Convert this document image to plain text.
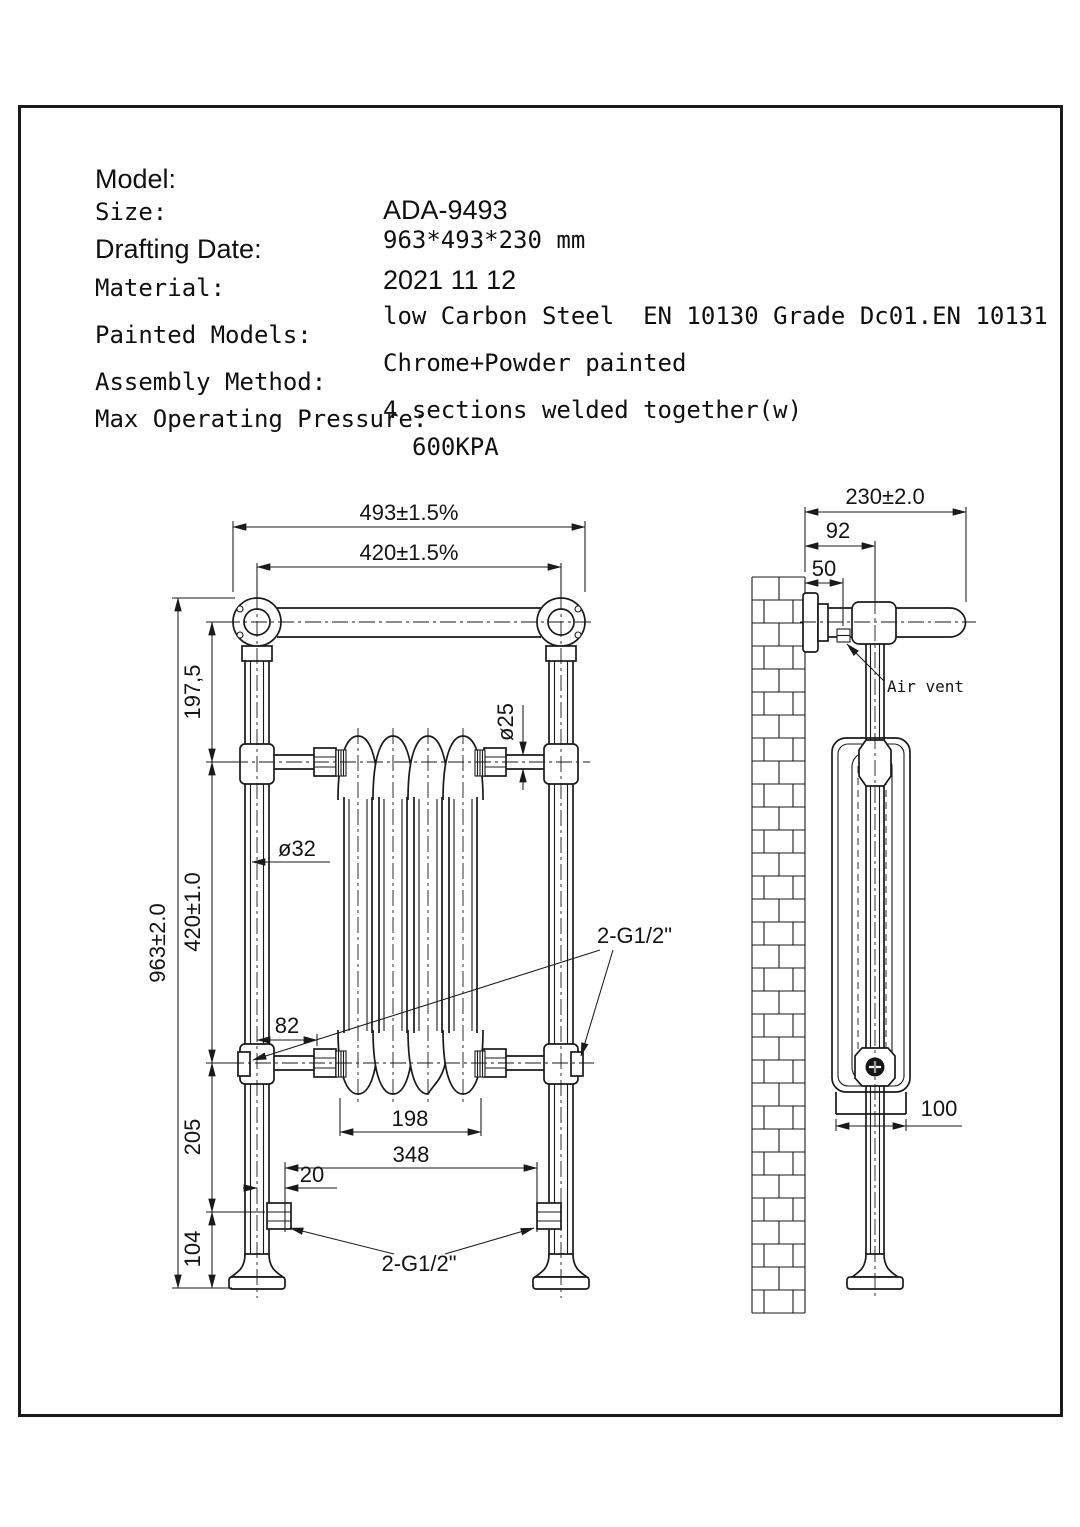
Model:

ADA-9493

Size:

963*493*230 mm

Drafting Date:

2021 11 12

Material:

low Carbon Steel  EN 10130 Grade Dc01.EN 10131

Painted Models:

Chrome+Powder painted

Assembly Method:

4 sections welded together(w)

Max Operating Pressure:

600KPA

493±1.5%
420±1.5%
963±2.0
197,5
420±1.0
205
104
ø32
ø25
82
198
348
20
2-G1/2"
2-G1/2"
230±2.0
92
50
Air vent
100
